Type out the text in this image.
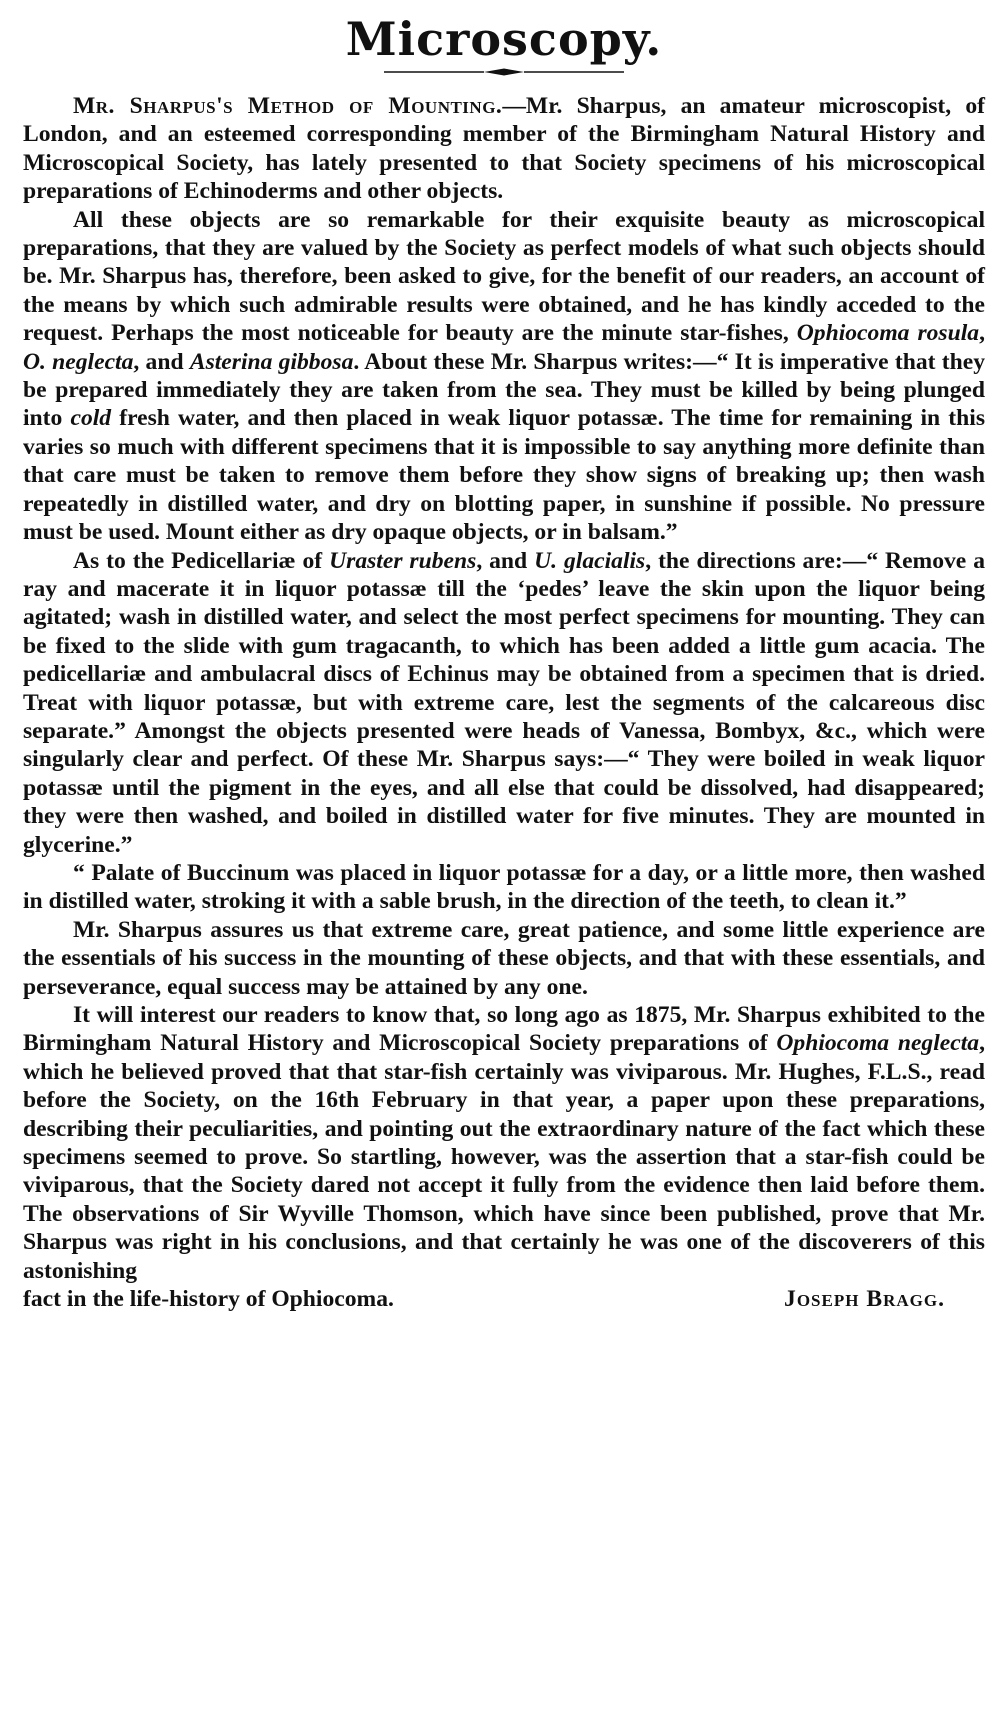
Microscopy.

Mr. Sharpus's Method of Mounting.—Mr. Sharpus, an amateur microscopist, of London, and an esteemed corresponding member of the Birmingham Natural History and Microscopical Society, has lately presented to that Society specimens of his microscopical preparations of Echinoderms and other objects.

All these objects are so remarkable for their exquisite beauty as microscopical preparations, that they are valued by the Society as perfect models of what such objects should be. Mr. Sharpus has, therefore, been asked to give, for the benefit of our readers, an account of the means by which such admirable results were obtained, and he has kindly acceded to the request. Perhaps the most noticeable for beauty are the minute star-fishes, Ophiocoma rosula, O. neglecta, and Asterina gibbosa. About these Mr. Sharpus writes:—“ It is imperative that they be prepared immediately they are taken from the sea. They must be killed by being plunged into cold fresh water, and then placed in weak liquor potassæ. The time for remaining in this varies so much with different specimens that it is impossible to say anything more definite than that care must be taken to remove them before they show signs of breaking up; then wash repeatedly in distilled water, and dry on blotting paper, in sunshine if possible. No pressure must be used. Mount either as dry opaque objects, or in balsam.”

As to the Pedicellariæ of Uraster rubens, and U. glacialis, the directions are:—“ Remove a ray and macerate it in liquor potassæ till the ‘pedes’ leave the skin upon the liquor being agitated; wash in distilled water, and select the most perfect specimens for mounting. They can be fixed to the slide with gum tragacanth, to which has been added a little gum acacia. The pedicellariæ and ambulacral discs of Echinus may be obtained from a specimen that is dried. Treat with liquor potassæ, but with extreme care, lest the segments of the calcareous disc separate.” Amongst the objects presented were heads of Vanessa, Bombyx, &c., which were singularly clear and perfect. Of these Mr. Sharpus says:—“ They were boiled in weak liquor potassæ until the pigment in the eyes, and all else that could be dissolved, had disappeared; they were then washed, and boiled in distilled water for five minutes. They are mounted in glycerine.”

“ Palate of Buccinum was placed in liquor potassæ for a day, or a little more, then washed in distilled water, stroking it with a sable brush, in the direction of the teeth, to clean it.”

Mr. Sharpus assures us that extreme care, great patience, and some little experience are the essentials of his success in the mounting of these objects, and that with these essentials, and perseverance, equal success may be attained by any one.

It will interest our readers to know that, so long ago as 1875, Mr. Sharpus exhibited to the Birmingham Natural History and Microscopical Society preparations of Ophiocoma neglecta, which he believed proved that that star-fish certainly was viviparous. Mr. Hughes, F.L.S., read before the Society, on the 16th February in that year, a paper upon these preparations, describing their peculiarities, and pointing out the extraordinary nature of the fact which these specimens seemed to prove. So startling, however, was the assertion that a star-fish could be viviparous, that the Society dared not accept it fully from the evidence then laid before them. The observations of Sir Wyville Thomson, which have since been published, prove that Mr. Sharpus was right in his conclusions, and that certainly he was one of the discoverers of this astonishing

fact in the life-history of Ophiocoma.	Joseph Bragg.
